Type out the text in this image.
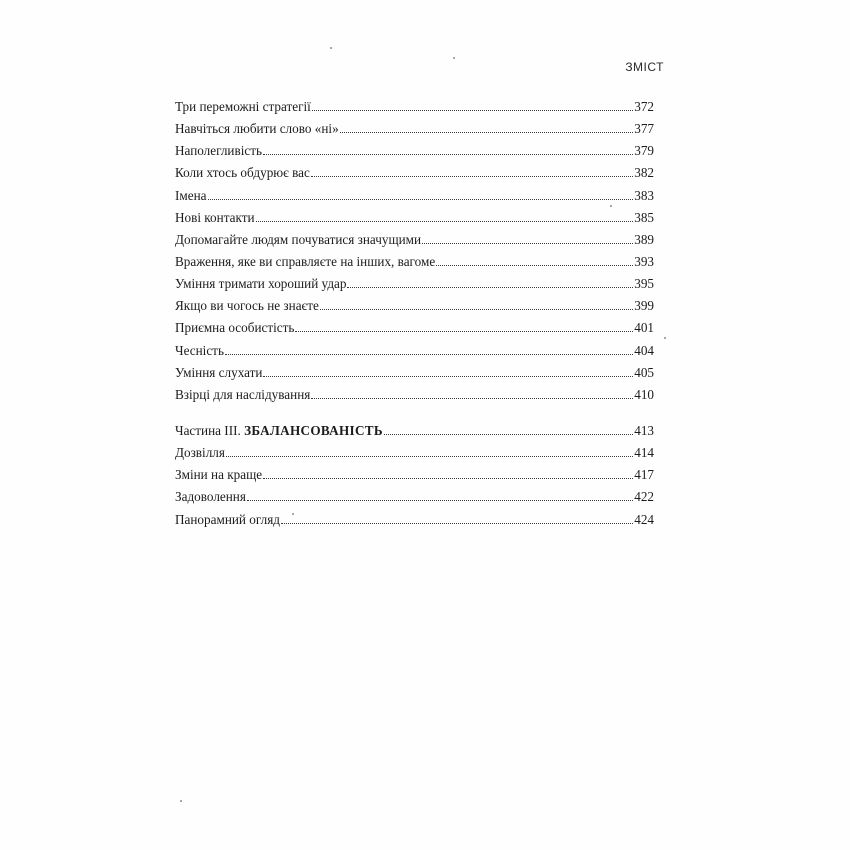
ЗМІСТ
Три переможні стратегії	372
Навчіться любити слово «ні»	377
Наполегливість	379
Коли хтось обдурює вас	382
Імена	383
Нові контакти	385
Допомагайте людям почуватися значущими	389
Враження, яке ви справляєте на інших, вагоме	393
Уміння тримати хороший удар	395
Якщо ви чогось не знаєте	399
Приємна особистість	401
Чесність	404
Уміння слухати	405
Взірці для наслідування	410
Частина III. ЗБАЛАНСОВАНІСТЬ	413
Дозвілля	414
Зміни на краще	417
Задоволення	422
Панорамний огляд	424
